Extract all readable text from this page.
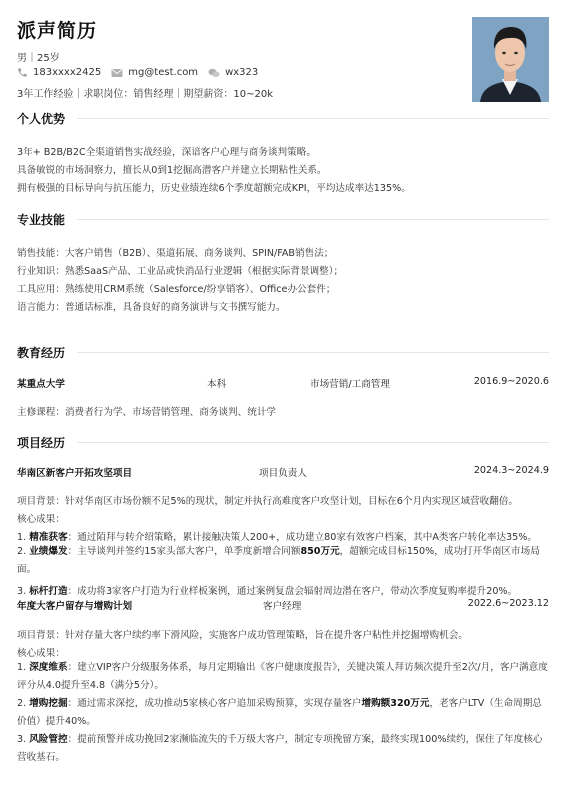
派声简历
男｜25岁
183xxxx2425	mg@test.com	wx323
3年工作经验｜求职岗位：销售经理｜期望薪资：10~20k
个人优势
3年+ B2B/B2C全渠道销售实战经验，深谙客户心理与商务谈判策略。
具备敏锐的市场洞察力，擅长从0到1挖掘高潜客户并建立长期粘性关系。
拥有极强的目标导向与抗压能力，历史业绩连续6个季度超额完成KPI，平均达成率达135%。
专业技能
销售技能：大客户销售（B2B）、渠道拓展、商务谈判、SPIN/FAB销售法；
行业知识：熟悉SaaS产品、工业品或快消品行业逻辑（根据实际背景调整）；
工具应用：熟练使用CRM系统（Salesforce/纷享销客）、Office办公套件；
语言能力：普通话标准，具备良好的商务演讲与文书撰写能力。
教育经历
某重点大学	本科	市场营销/工商管理	2016.9~2020.6
主修课程：消费者行为学、市场营销管理、商务谈判、统计学
项目经历
华南区新客户开拓攻坚项目	项目负责人	2024.3~2024.9
项目背景：针对华南区市场份额不足5%的现状，制定并执行高难度客户攻坚计划，目标在6个月内实现区域营收翻倍。
核心成果：
1. 精准获客：通过陌拜与转介绍策略，累计接触决策人200+，成功建立80家有效客户档案，其中A类客户转化率达35%。
2. 业绩爆发：主导谈判并签约15家头部大客户，单季度新增合同额850万元，超额完成目标150%，成功打开华南区市场局面。
3. 标杆打造：成功将3家客户打造为行业样板案例，通过案例复盘会辐射周边潜在客户，带动次季度复购率提升20%。
年度大客户留存与增购计划	客户经理	2022.6~2023.12
项目背景：针对存量大客户续约率下滑风险，实施客户成功管理策略，旨在提升客户粘性并挖掘增购机会。
核心成果：
1. 深度维系：建立VIP客户分级服务体系，每月定期输出《客户健康度报告》，关键决策人拜访频次提升至2次/月，客户满意度评分从4.0提升至4.8（满分5分）。
2. 增购挖掘：通过需求深挖，成功推动5家核心客户追加采购预算，实现存量客户增购额320万元，老客户LTV（生命周期总价值）提升40%。
3. 风险管控：提前预警并成功挽回2家濒临流失的千万级大客户，制定专项挽留方案，最终实现100%续约，保住了年度核心营收基石。
